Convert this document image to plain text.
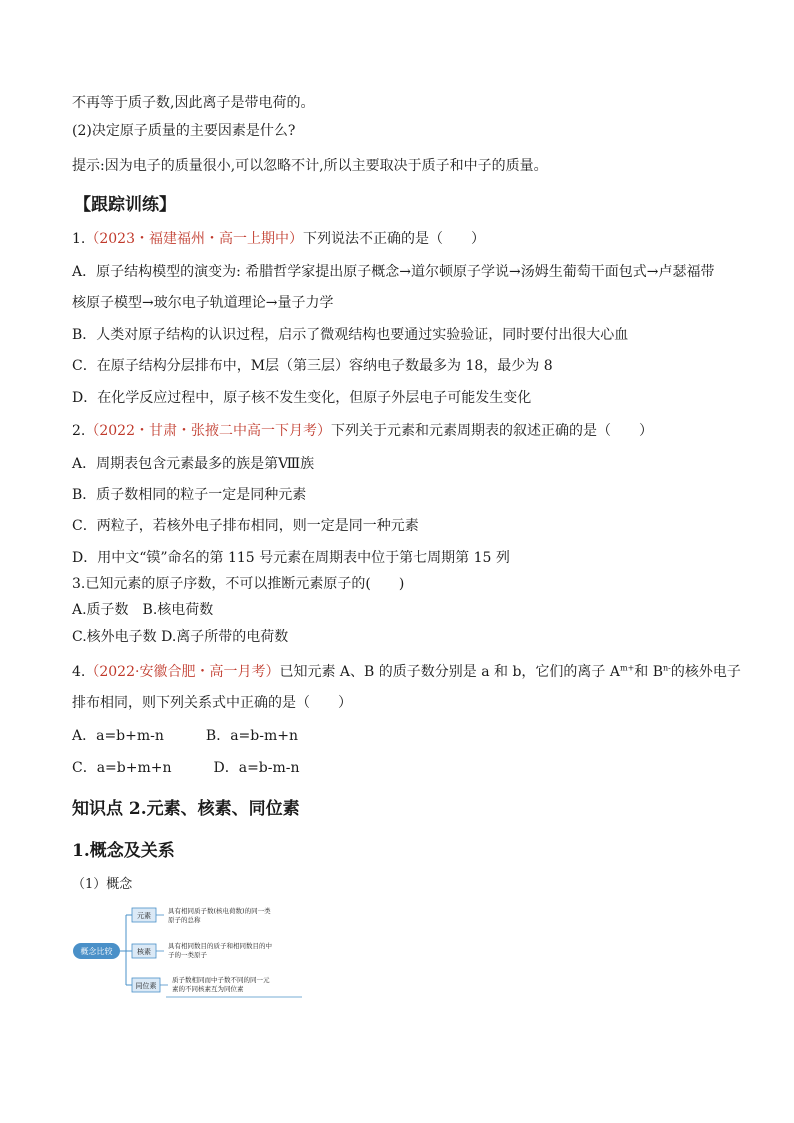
不再等于质子数,因此离子是带电荷的。
(2)决定原子质量的主要因素是什么?
提示:因为电子的质量很小,可以忽略不计,所以主要取决于质子和中子的质量。
【跟踪训练】
1.（2023・福建福州・高一上期中）下列说法不正确的是（　　）
A．原子结构模型的演变为: 希腊哲学家提出原子概念→道尔顿原子学说→汤姆生葡萄干面包式→卢瑟福带
核原子模型→玻尔电子轨道理论→量子力学
B．人类对原子结构的认识过程，启示了微观结构也要通过实验验证，同时要付出很大心血
C．在原子结构分层排布中，M层（第三层）容纳电子数最多为 18，最少为 8
D．在化学反应过程中，原子核不发生变化，但原子外层电子可能发生变化
2.（2022・甘肃・张掖二中高一下月考）下列关于元素和元素周期表的叙述正确的是（　　）
A．周期表包含元素最多的族是第Ⅷ族
B．质子数相同的粒子一定是同种元素
C．两粒子，若核外电子排布相同，则一定是同一种元素
D．用中文“镆”命名的第 115 号元素在周期表中位于第七周期第 15 列
3.已知元素的原子序数，不可以推断元素原子的(　　)
A.质子数　B.核电荷数
C.核外电子数 D.离子所带的电荷数
4.（2022·安徽合肥・高一月考）已知元素 A、B 的质子数分别是 a 和 b，它们的离子 $A^{m+}$和 $B^{n-}$的核外电子
排布相同，则下列关系式中正确的是（　　）
A．a=b+m-n　　　B．a=b-m+n
C．a=b+m+n　　　D．a=b-m-n
知识点 2.元素、核素、同位素
1.概念及关系
（1）概念
概念比较
元素
具有相同质子数(核电荷数)的同一类
原子的总称
核素
具有相同数目的质子和相同数目的中
子的一类原子
同位素
质子数相同而中子数不同的同一元
素的不同核素互为同位素
